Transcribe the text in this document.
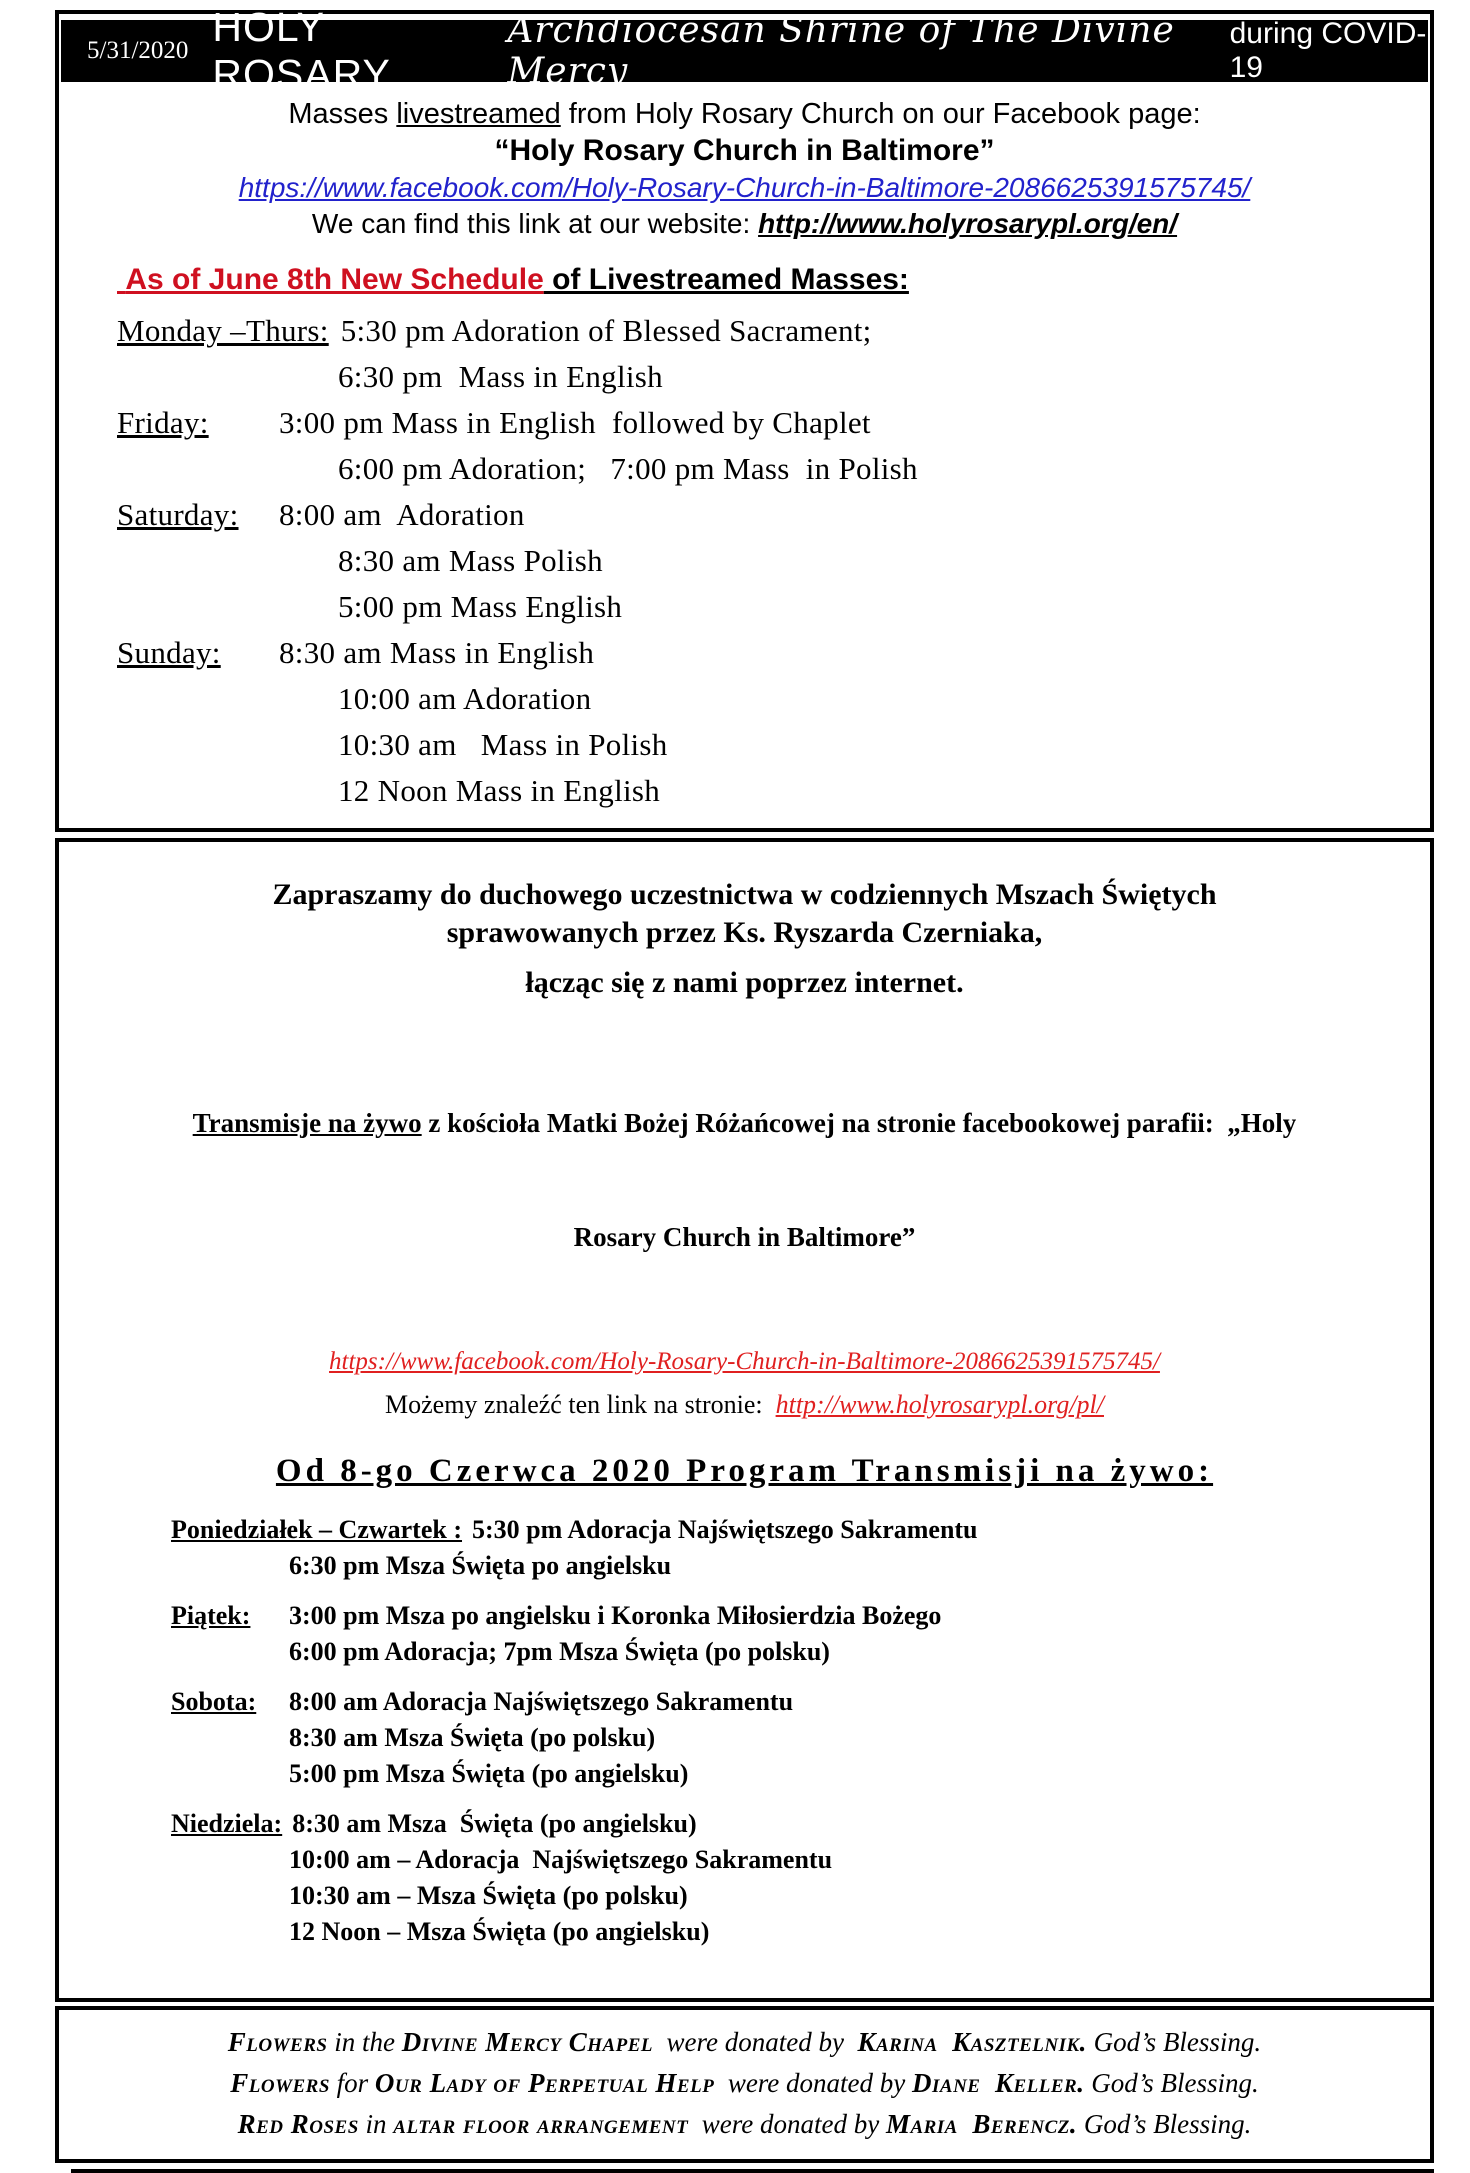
5/31/2020
HOLY ROSARY
Archdiocesan Shrine of The Divine Mercy
during COVID-19
Masses livestreamed from Holy Rosary Church on our Facebook page:
“Holy Rosary Church in Baltimore”
https://www.facebook.com/Holy-Rosary-Church-in-Baltimore-2086625391575745/
We can find this link at our website: http://www.holyrosarypl.org/en/
As of June 8th New Schedule of Livestreamed Masses:
Monday –Thurs: 5:30 pm Adoration of Blessed Sacrament;
6:30 pm  Mass in English
Friday: 3:00 pm Mass in English  followed by Chaplet
6:00 pm Adoration;   7:00 pm Mass  in Polish
Saturday: 8:00 am  Adoration
8:30 am Mass Polish
5:00 pm Mass English
Sunday: 8:30 am Mass in English
10:00 am Adoration
10:30 am   Mass in Polish
12 Noon Mass in English
Zapraszamy do duchowego uczestnictwa w codziennych Mszach Świętych
sprawowanych przez Ks. Ryszarda Czerniaka,
łącząc się z nami poprzez internet.

Transmisje na żywo z kościoła Matki Bożej Różańcowej na stronie facebookowej parafii:  „Holy

Rosary Church in Baltimore”

https://www.facebook.com/Holy-Rosary-Church-in-Baltimore-2086625391575745/
Możemy znaleźć ten link na stronie:  http://www.holyrosarypl.org/pl/
Od 8-go Czerwca 2020 Program Transmisji na żywo:
Poniedziałek – Czwartek : 5:30 pm Adoracja Najświętszego Sakramentu
6:30 pm Msza Święta po angielsku
Piątek: 3:00 pm Msza po angielsku i Koronka Miłosierdzia Bożego
6:00 pm Adoracja; 7pm Msza Święta (po polsku)
Sobota: 8:00 am Adoracja Najświętszego Sakramentu
8:30 am Msza Święta (po polsku)
5:00 pm Msza Święta (po angielsku)
Niedziela: 8:30 am Msza  Święta (po angielsku)
10:00 am – Adoracja  Najświętszego Sakramentu
10:30 am – Msza Święta (po polsku)
12 Noon – Msza Święta (po angielsku)
Flowers in the Divine Mercy Chapel  were donated by  Karina  Kasztelnik. God’s Blessing.
Flowers for Our Lady of Perpetual Help  were donated by Diane  Keller. God’s Blessing.
Red Roses in altar floor arrangement  were donated by Maria  Berencz. God’s Blessing.
